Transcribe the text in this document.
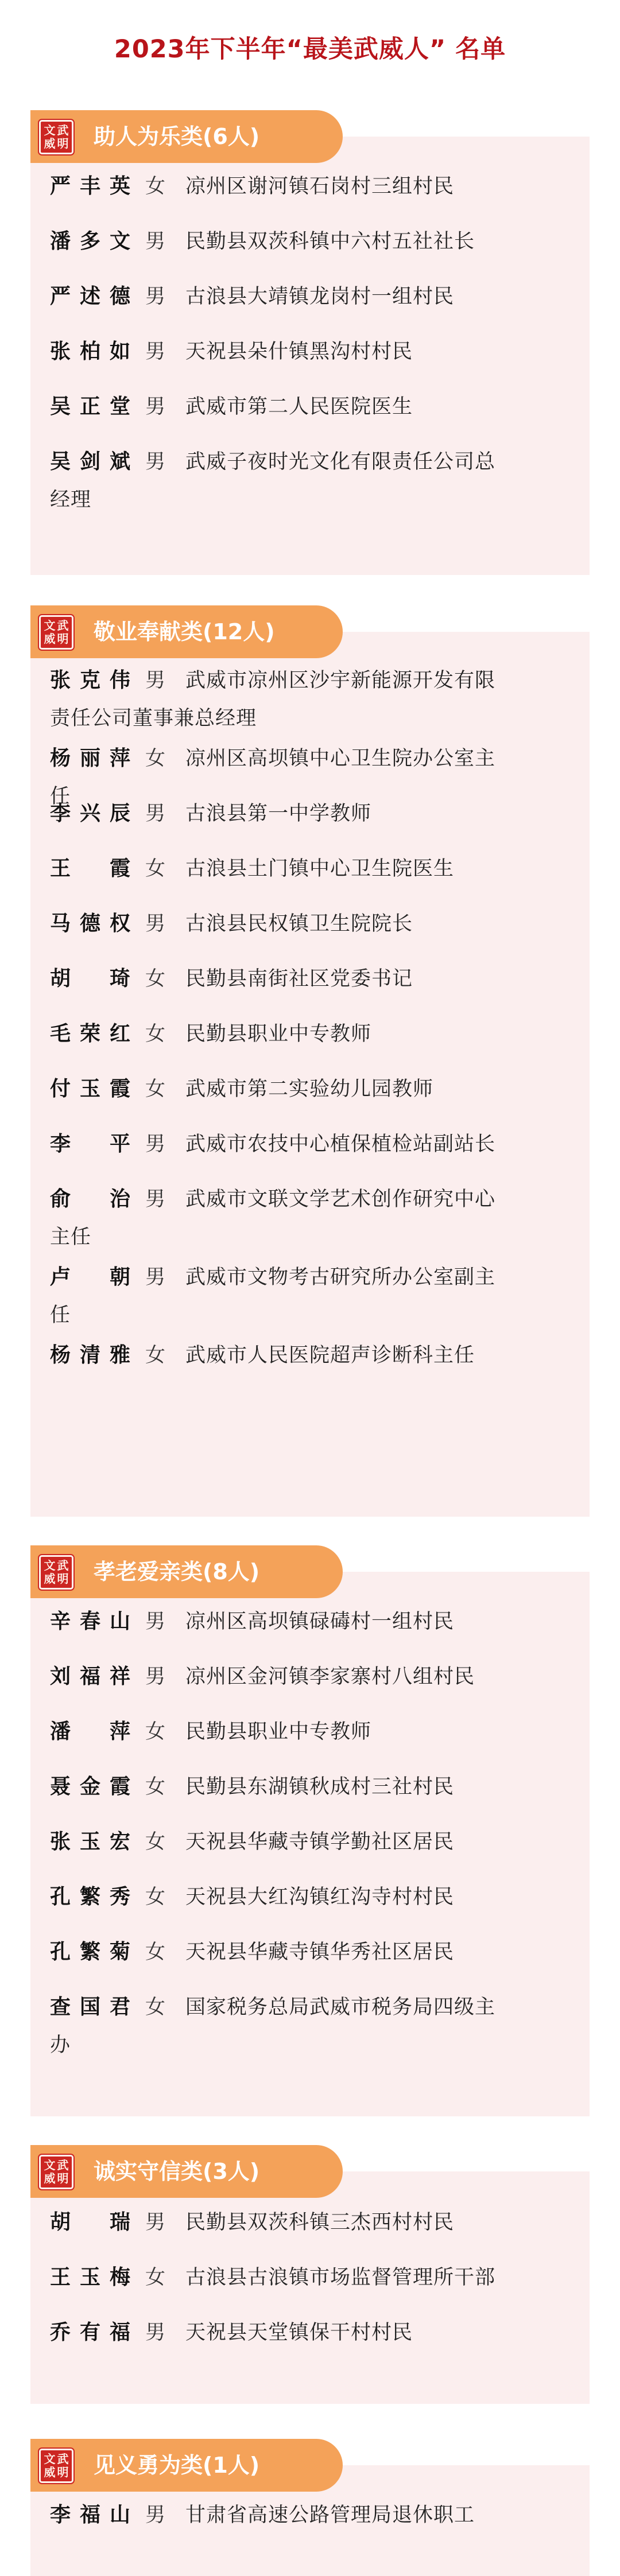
2023年下半年“最美武威人” 名单
文 武
威 明 助人为乐类(6人)
严丰英 女 凉州区谢河镇石岗村三组村民
潘多文 男 民勤县双茨科镇中六村五社社长
严述德 男 古浪县大靖镇龙岗村一组村民
张柏如 男 天祝县朵什镇黑沟村村民
吴正堂 男 武威市第二人民医院医生
吴剑斌 男 武威子夜时光文化有限责任公司总
经理
文 武
威 明 敬业奉献类(12人)
张克伟 男 武威市凉州区沙宇新能源开发有限
责任公司董事兼总经理
杨丽萍 女 凉州区高坝镇中心卫生院办公室主
任
李兴辰 男 古浪县第一中学教师
王　霞 女 古浪县土门镇中心卫生院医生
马德权 男 古浪县民权镇卫生院院长
胡　琦 女 民勤县南街社区党委书记
毛荣红 女 民勤县职业中专教师
付玉霞 女 武威市第二实验幼儿园教师
李　平 男 武威市农技中心植保植检站副站长
俞　治 男 武威市文联文学艺术创作研究中心
主任
卢　朝 男 武威市文物考古研究所办公室副主
任
杨清雅 女 武威市人民医院超声诊断科主任
文 武
威 明 孝老爱亲类(8人)
辛春山 男 凉州区高坝镇碌碡村一组村民
刘福祥 男 凉州区金河镇李家寨村八组村民
潘　萍 女 民勤县职业中专教师
聂金霞 女 民勤县东湖镇秋成村三社村民
张玉宏 女 天祝县华藏寺镇学勤社区居民
孔繁秀 女 天祝县大红沟镇红沟寺村村民
孔繁菊 女 天祝县华藏寺镇华秀社区居民
查国君 女 国家税务总局武威市税务局四级主
办
文 武
威 明 诚实守信类(3人)
胡　瑞 男 民勤县双茨科镇三杰西村村民
王玉梅 女 古浪县古浪镇市场监督管理所干部
乔有福 男 天祝县天堂镇保干村村民
文 武
威 明 见义勇为类(1人)
李福山 男 甘肃省高速公路管理局退休职工
